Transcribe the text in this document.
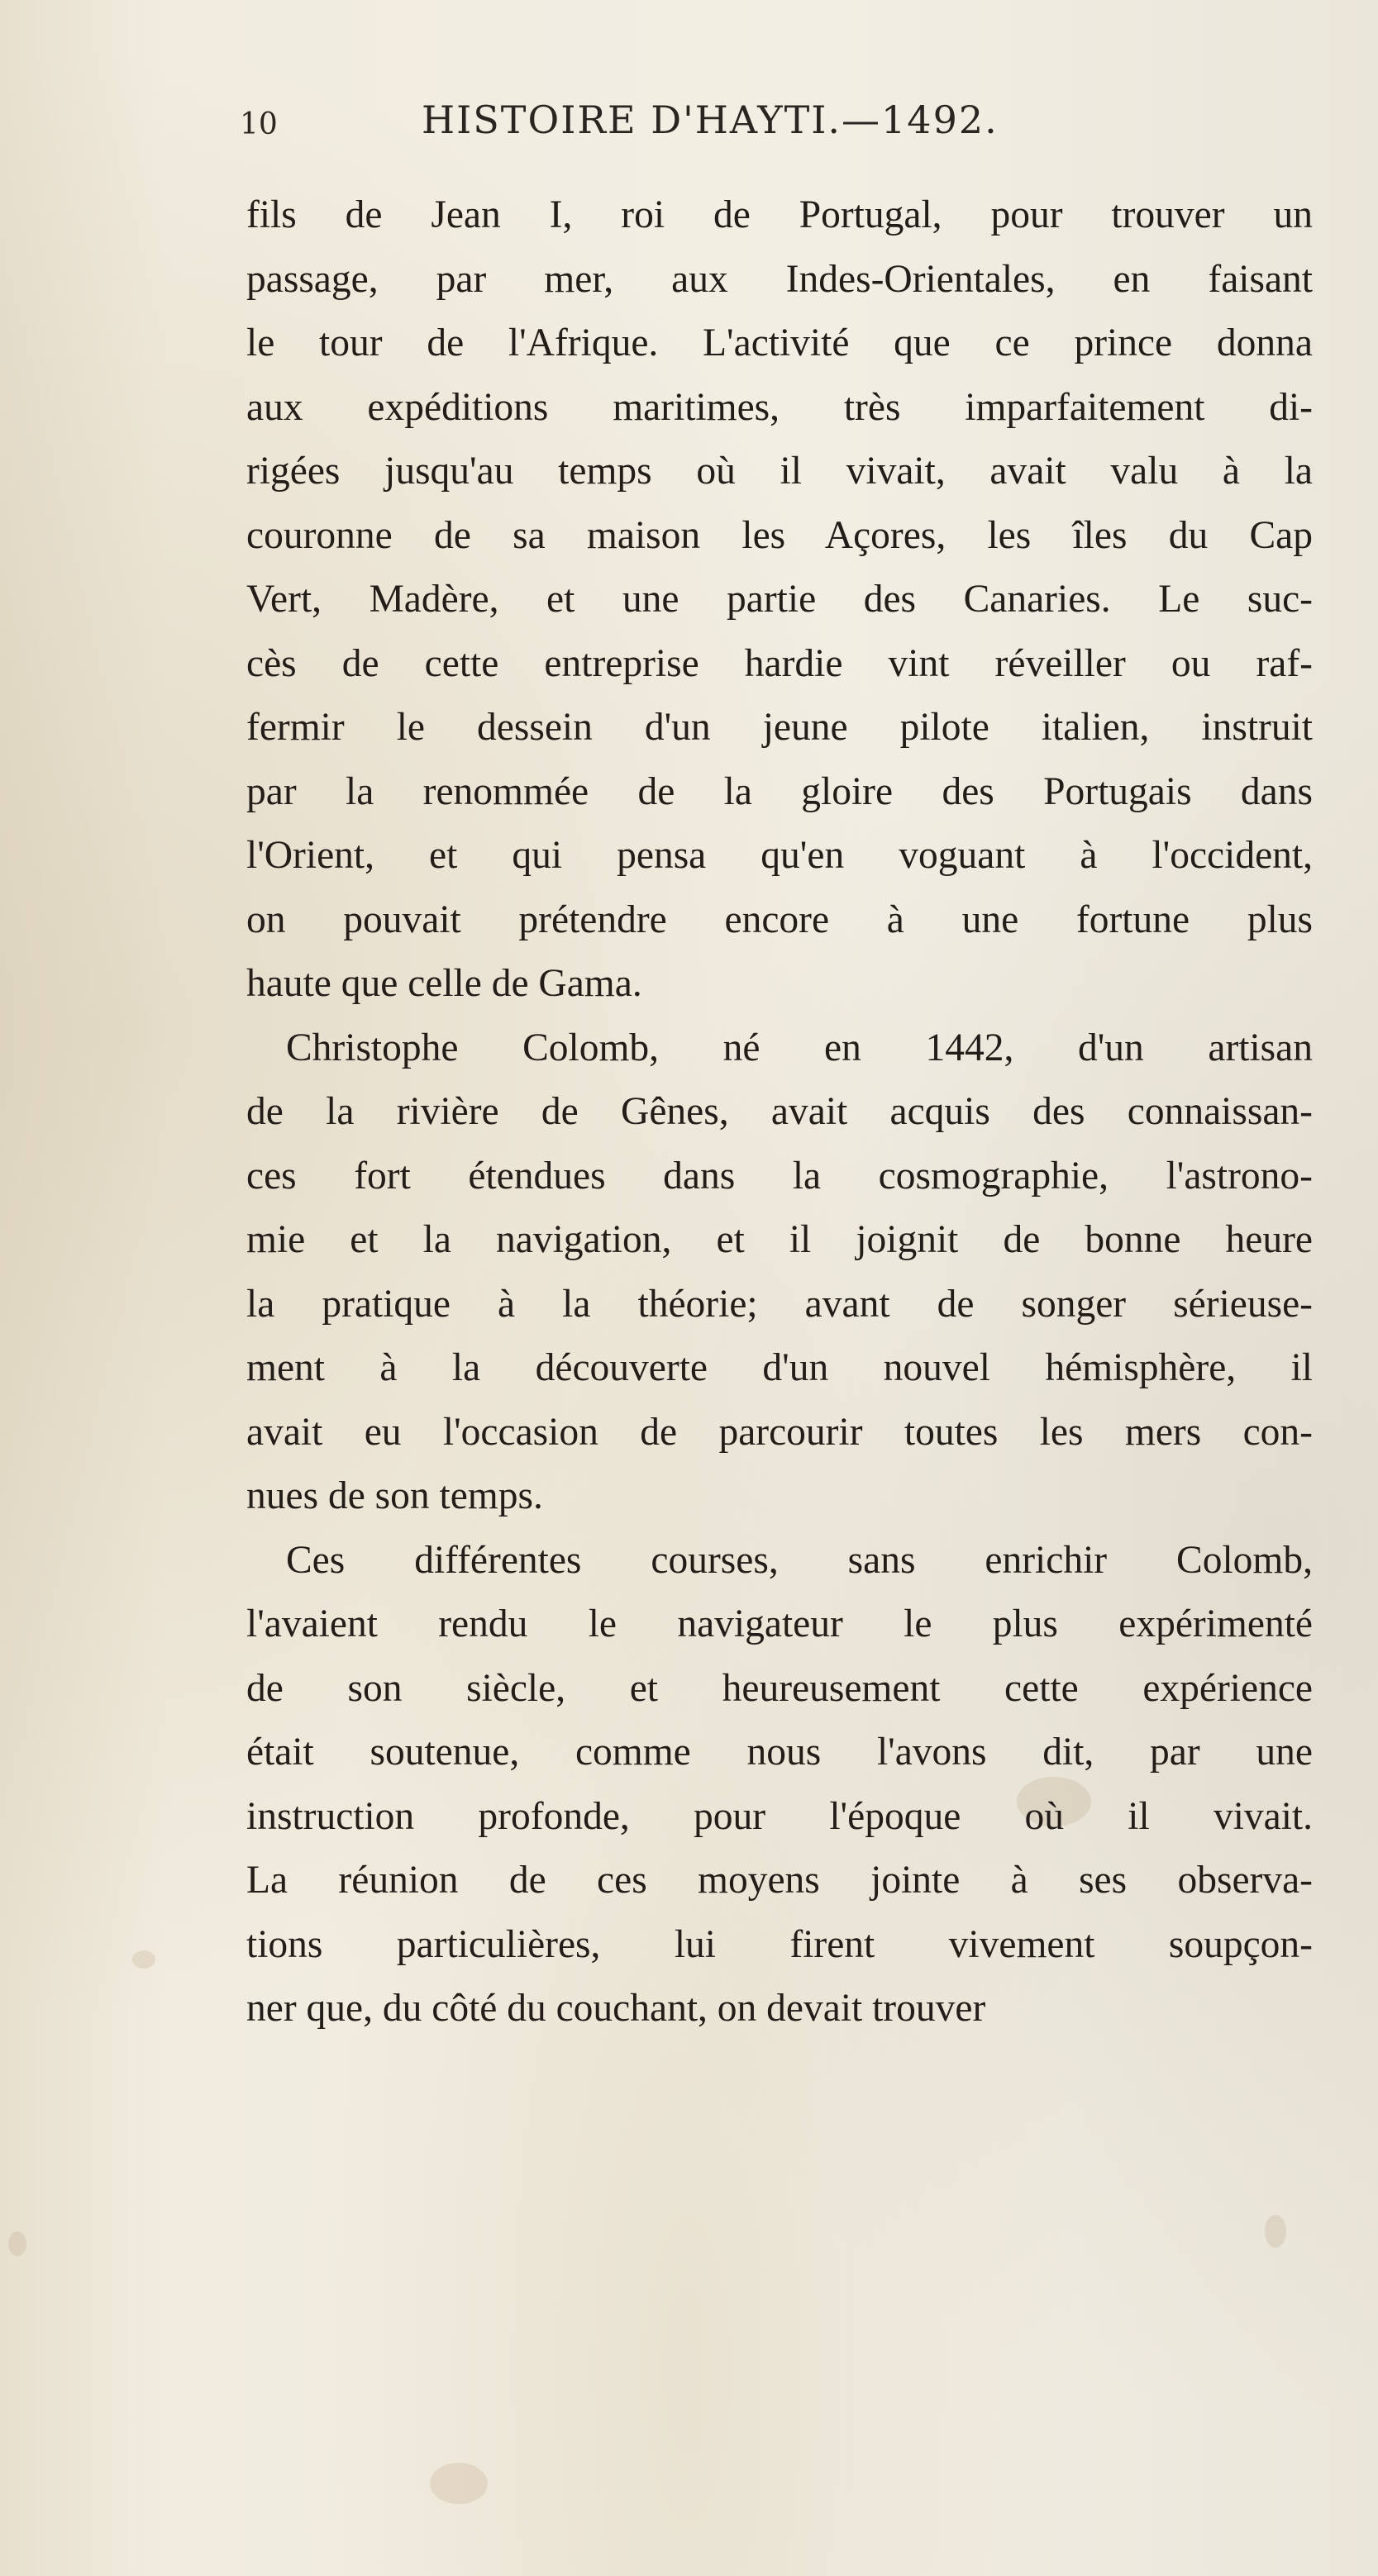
10	HISTOIRE D'HAYTI.—1492.
fils de Jean I, roi de Portugal, pour trouver un
passage, par mer, aux Indes-Orientales, en faisant
le tour de l'Afrique. L'activité que ce prince donna
aux expéditions maritimes, très imparfaitement di-
rigées jusqu'au temps où il vivait, avait valu à la
couronne de sa maison les Açores, les îles du Cap
Vert, Madère, et une partie des Canaries. Le suc-
cès de cette entreprise hardie vint réveiller ou raf-
fermir le dessein d'un jeune pilote italien, instruit
par la renommée de la gloire des Portugais dans
l'Orient, et qui pensa qu'en voguant à l'occident,
on pouvait prétendre encore à une fortune plus
haute que celle de Gama.
Christophe Colomb, né en 1442, d'un artisan
de la rivière de Gênes, avait acquis des connaissan-
ces fort étendues dans la cosmographie, l'astrono-
mie et la navigation, et il joignit de bonne heure
la pratique à la théorie; avant de songer sérieuse-
ment à la découverte d'un nouvel hémisphère, il
avait eu l'occasion de parcourir toutes les mers con-
nues de son temps.
Ces différentes courses, sans enrichir Colomb,
l'avaient rendu le navigateur le plus expérimenté
de son siècle, et heureusement cette expérience
était soutenue, comme nous l'avons dit, par une
instruction profonde, pour l'époque où il vivait.
La réunion de ces moyens jointe à ses observa-
tions particulières, lui firent vivement soupçon-
ner que, du côté du couchant, on devait trouver
